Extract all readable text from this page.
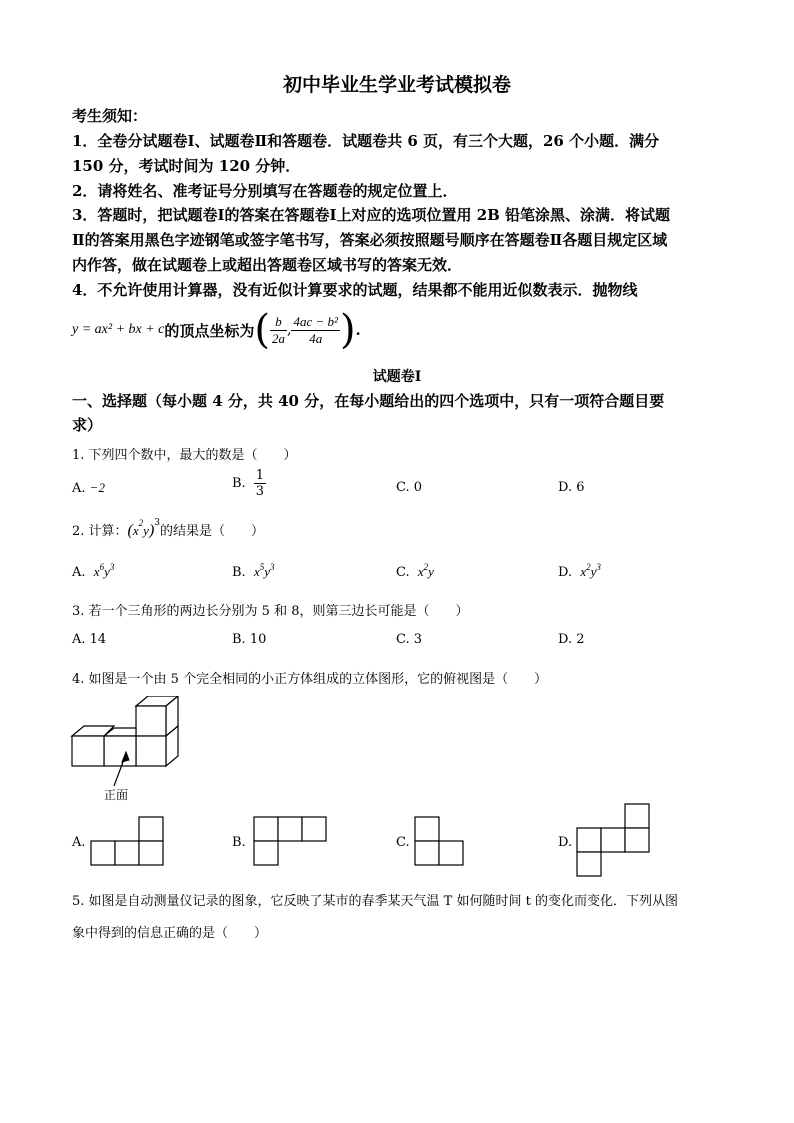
初中毕业生学业考试模拟卷
考生须知：
1．全卷分试题卷Ⅰ、试题卷Ⅱ和答题卷．试题卷共 6 页，有三个大题，26 个小题．满分
150 分，考试时间为 120 分钟．
2．请将姓名、准考证号分别填写在答题卷的规定位置上．
3．答题时，把试题卷Ⅰ的答案在答题卷Ⅰ上对应的选项位置用 2B 铅笔涂黑、涂满．将试题
Ⅱ的答案用黑色字迹钢笔或签字笔书写，答案必须按照题号顺序在答题卷Ⅱ各题目规定区域
内作答，做在试题卷上或超出答题卷区域书写的答案无效．
4．不允许使用计算器，没有近似计算要求的试题，结果都不能用近似数表示．抛物线
y = ax² + bx + c 的顶点坐标为 ( $\frac{b}{2a}$ , $\frac{\text{4ac − b²}}{4a}$ ) .
试题卷Ⅰ
一、选择题（每小题 4 分，共 40 分，在每小题给出的四个选项中，只有一项符合题目要
求）
1. 下列四个数中，最大的数是（　　）
A. −2	B. $\frac{1}{3}$	C. 0	D. 6
2. 计算：$(x^2y)^3$的结果是（　　）
A. $x^6y^3$	B. $x^5y^3$	C. $x^2y$	D. $x^2y^3$
3. 若一个三角形的两边长分别为 5 和 8，则第三边长可能是（　　）
A. 14	B. 10	C. 3	D. 2
4. 如图是一个由 5 个完全相同的小正方体组成的立体图形，它的俯视图是（　　）
正面
A.	B.	C.	D.
5. 如图是自动测量仪记录的图象，它反映了某市的春季某天气温 T 如何随时间 t 的变化而变化．下列从图
象中得到的信息正确的是（　　）
